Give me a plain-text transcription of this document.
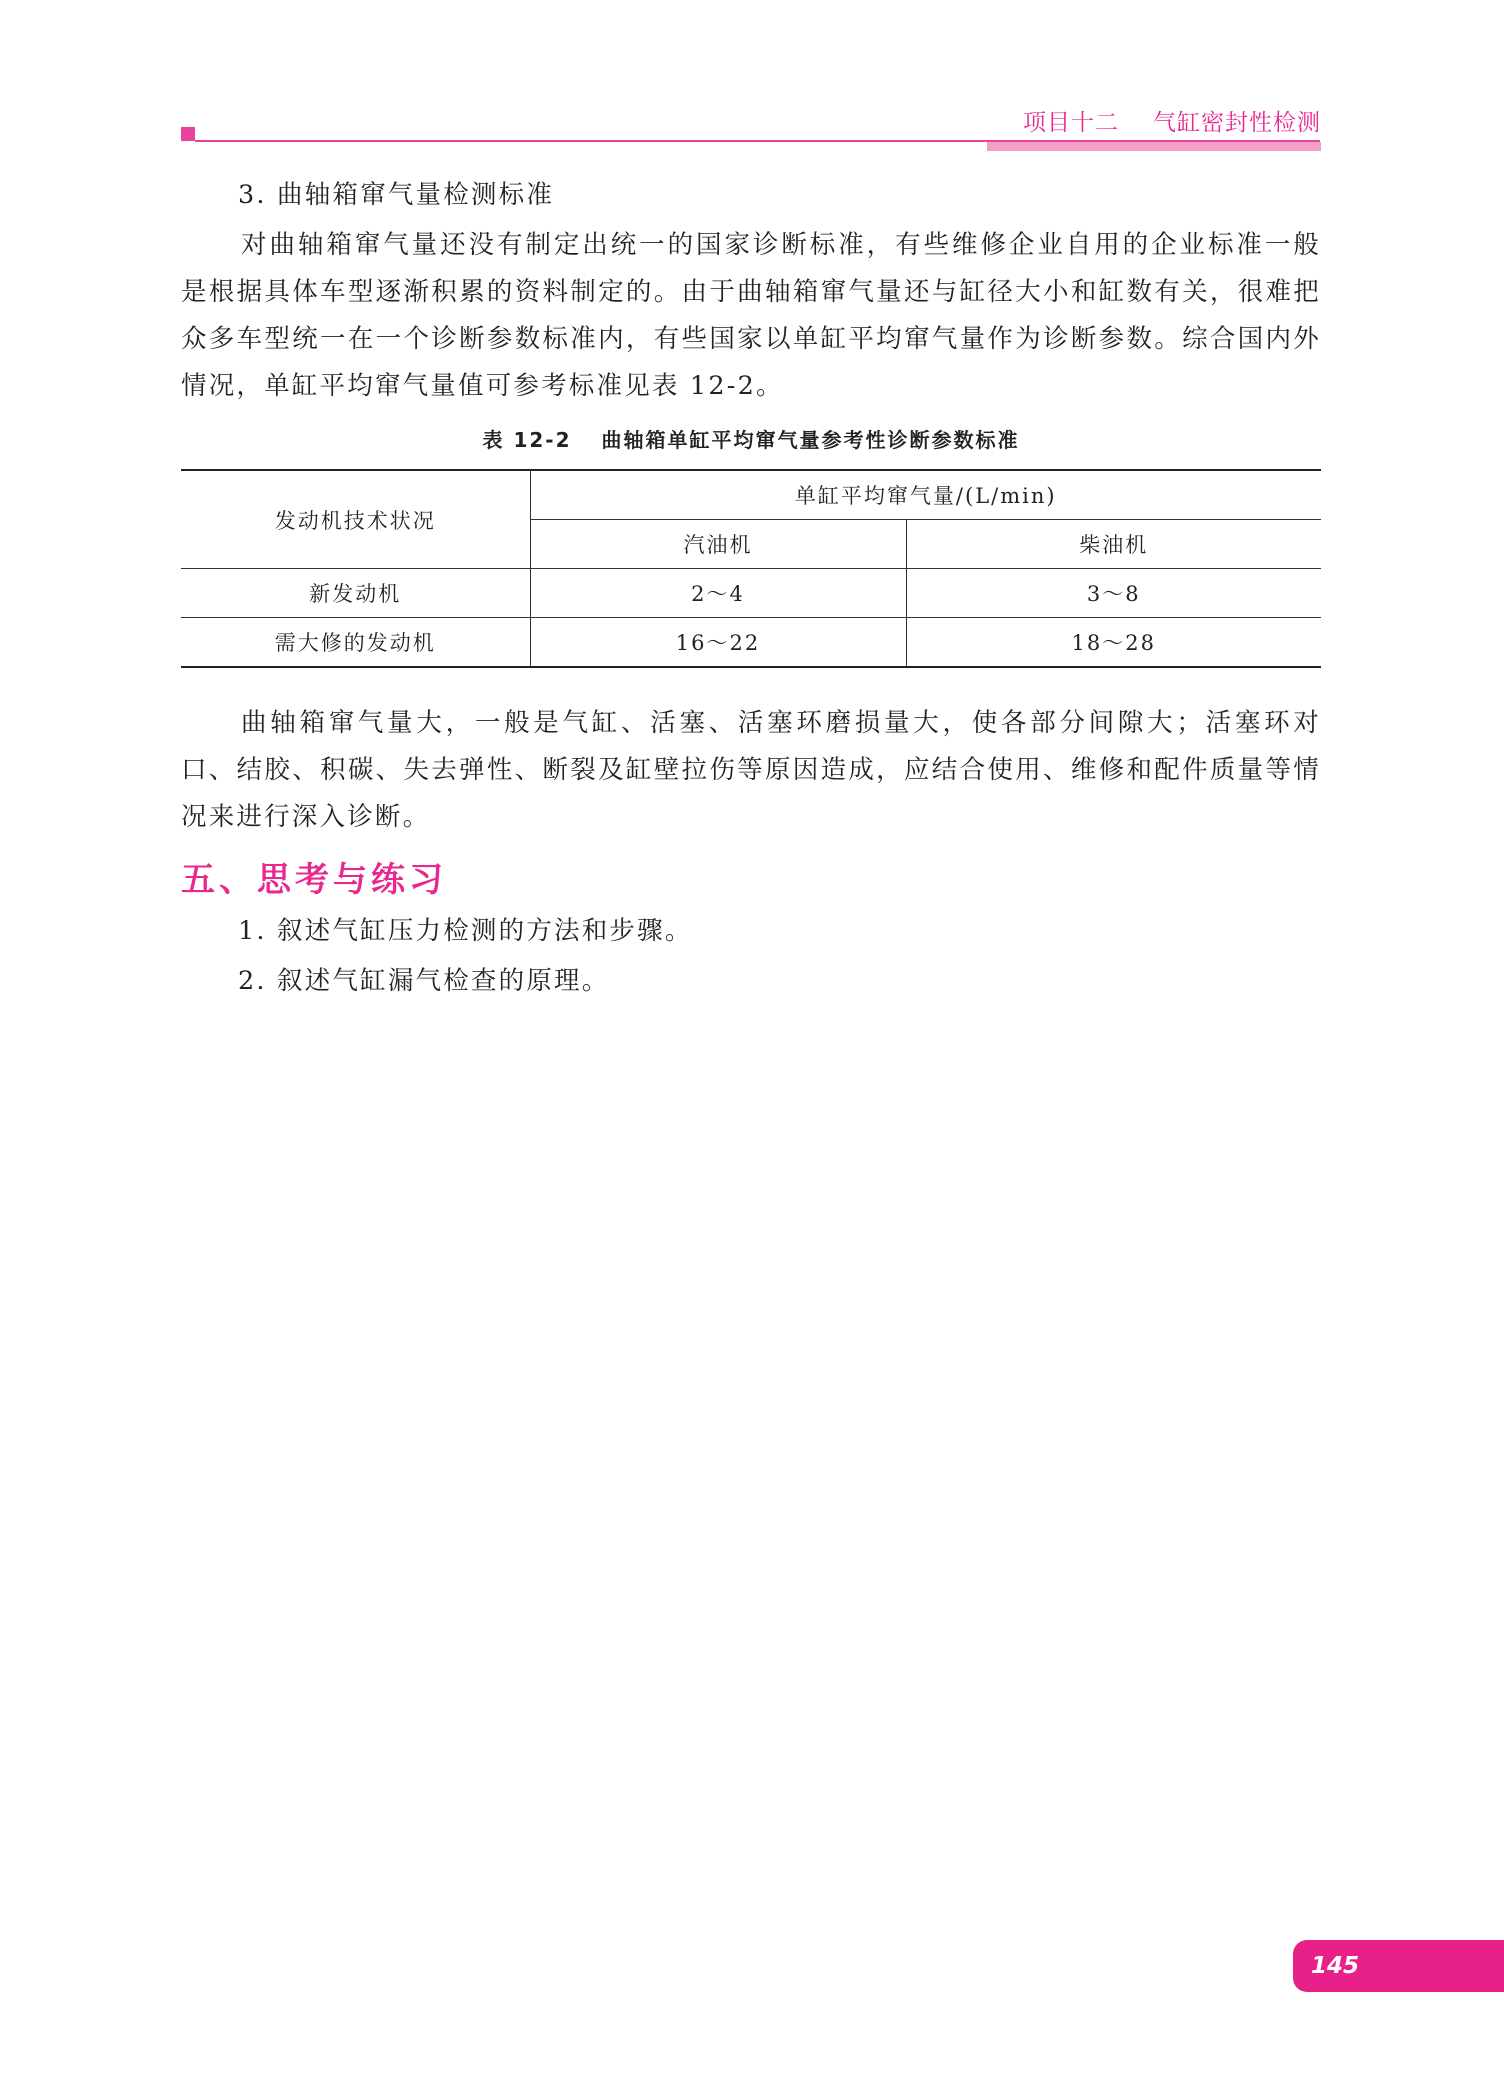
项目十二 气缸密封性检测

3. 曲轴箱窜气量检测标准

对曲轴箱窜气量还没有制定出统一的国家诊断标准，有些维修企业自用的企业标准一般是根据具体车型逐渐积累的资料制定的。由于曲轴箱窜气量还与缸径大小和缸数有关，很难把众多车型统一在一个诊断参数标准内，有些国家以单缸平均窜气量作为诊断参数。综合国内外情况，单缸平均窜气量值可参考标准见表 12-2。

表 12-2 曲轴箱单缸平均窜气量参考性诊断参数标准
发动机技术状况	单缸平均窜气量/(L/min)	
	汽油机	柴油机
新发动机	2～4	3～8
需大修的发动机	16～22	18～28

曲轴箱窜气量大，一般是气缸、活塞、活塞环磨损量大，使各部分间隙大；活塞环对口、结胶、积碳、失去弹性、断裂及缸壁拉伤等原因造成，应结合使用、维修和配件质量等情况来进行深入诊断。

五、思考与练习

1. 叙述气缸压力检测的方法和步骤。

2. 叙述气缸漏气检查的原理。

145
